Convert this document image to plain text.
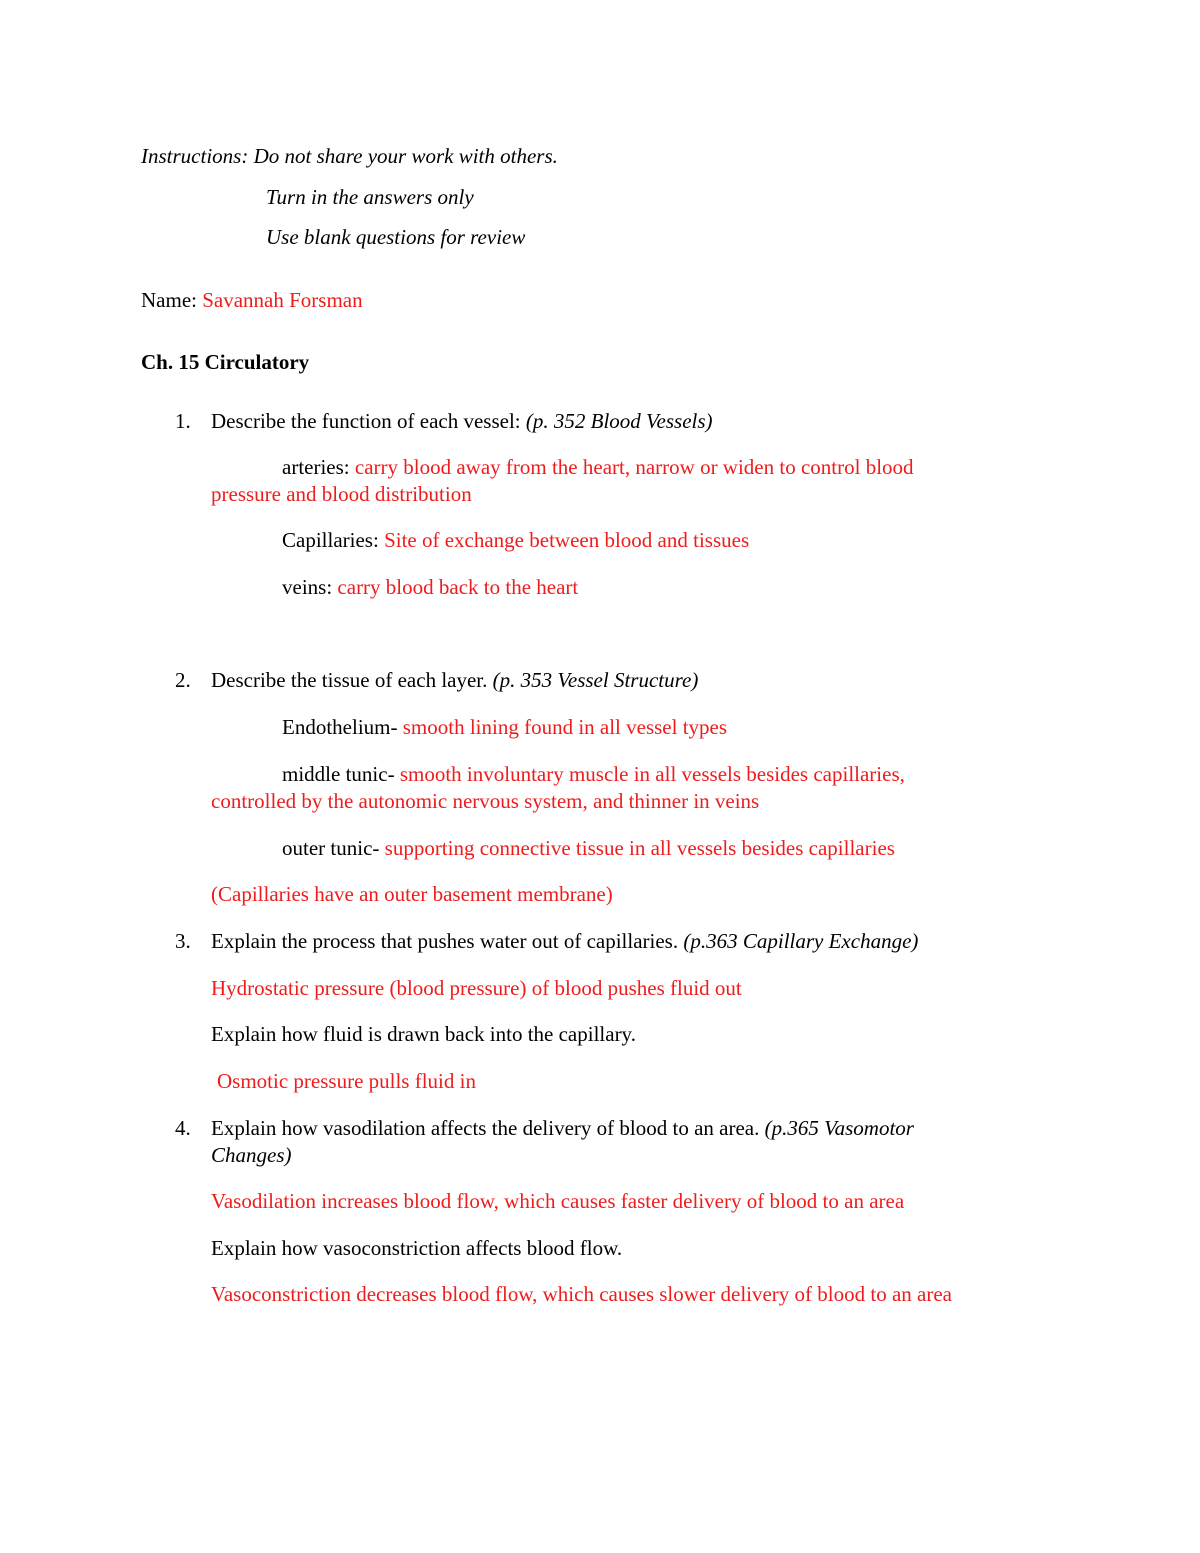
Instructions: Do not share your work with others.
Turn in the answers only
Use blank questions for review
Name: Savannah Forsman
Ch. 15 Circulatory
1. Describe the function of each vessel: (p. 352 Blood Vessels)
arteries: carry blood away from the heart, narrow or widen to control blood
pressure and blood distribution
Capillaries: Site of exchange between blood and tissues
veins: carry blood back to the heart
2. Describe the tissue of each layer. (p. 353 Vessel Structure)
Endothelium- smooth lining found in all vessel types
middle tunic- smooth involuntary muscle in all vessels besides capillaries,
controlled by the autonomic nervous system, and thinner in veins
outer tunic- supporting connective tissue in all vessels besides capillaries
(Capillaries have an outer basement membrane)
3. Explain the process that pushes water out of capillaries. (p.363 Capillary Exchange)
Hydrostatic pressure (blood pressure) of blood pushes fluid out
Explain how fluid is drawn back into the capillary.
Osmotic pressure pulls fluid in
4. Explain how vasodilation affects the delivery of blood to an area. (p.365 Vasomotor
Changes)
Vasodilation increases blood flow, which causes faster delivery of blood to an area
Explain how vasoconstriction affects blood flow.
Vasoconstriction decreases blood flow, which causes slower delivery of blood to an area
